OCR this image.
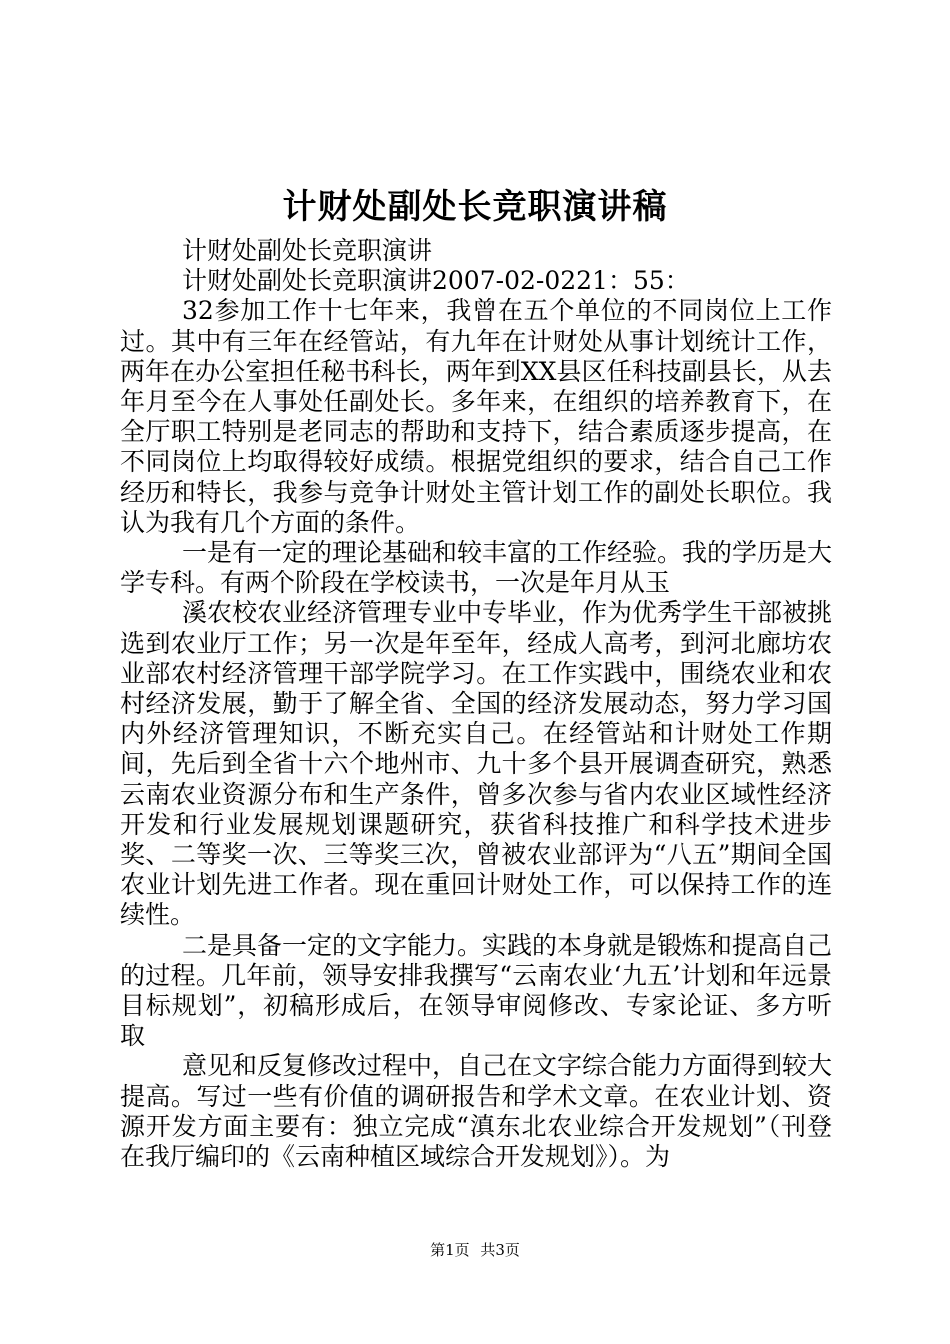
计财处副处长竞职演讲稿

计财处副处长竞职演讲

计财处副处长竞职演讲2007-02-0221：55：

32参加工作十七年来，我曾在五个单位的不同岗位上工作过。其中有三年在经管站，有九年在计财处从事计划统计工作，两年在办公室担任秘书科长，两年到XX县区任科技副县长，从去年月至今在人事处任副处长。多年来，在组织的培养教育下，在全厅职工特别是老同志的帮助和支持下，结合素质逐步提高，在不同岗位上均取得较好成绩。根据党组织的要求，结合自己工作经历和特长，我参与竞争计财处主管计划工作的副处长职位。我认为我有几个方面的条件。

一是有一定的理论基础和较丰富的工作经验。我的学历是大学专科。有两个阶段在学校读书，一次是年月从玉

溪农校农业经济管理专业中专毕业，作为优秀学生干部被挑选到农业厅工作；另一次是年至年，经成人高考，到河北廊坊农业部农村经济管理干部学院学习。在工作实践中，围绕农业和农村经济发展，勤于了解全省、全国的经济发展动态，努力学习国内外经济管理知识，不断充实自己。在经管站和计财处工作期间，先后到全省十六个地州市、九十多个县开展调查研究，熟悉云南农业资源分布和生产条件，曾多次参与省内农业区域性经济开发和行业发展规划课题研究，获省科技推广和科学技术进步奖、二等奖一次、三等奖三次，曾被农业部评为“八五”期间全国农业计划先进工作者。现在重回计财处工作，可以保持工作的连续性。

二是具备一定的文字能力。实践的本身就是锻炼和提高自己的过程。几年前，领导安排我撰写“云南农业‘九五’计划和年远景目标规划”，初稿形成后，在领导审阅修改、专家论证、多方听取

意见和反复修改过程中，自己在文字综合能力方面得到较大提高。写过一些有价值的调研报告和学术文章。在农业计划、资源开发方面主要有：独立完成“滇东北农业综合开发规划”（刊登在我厅编印的《云南种植区域综合开发规划》）。为

第1页 共3页
